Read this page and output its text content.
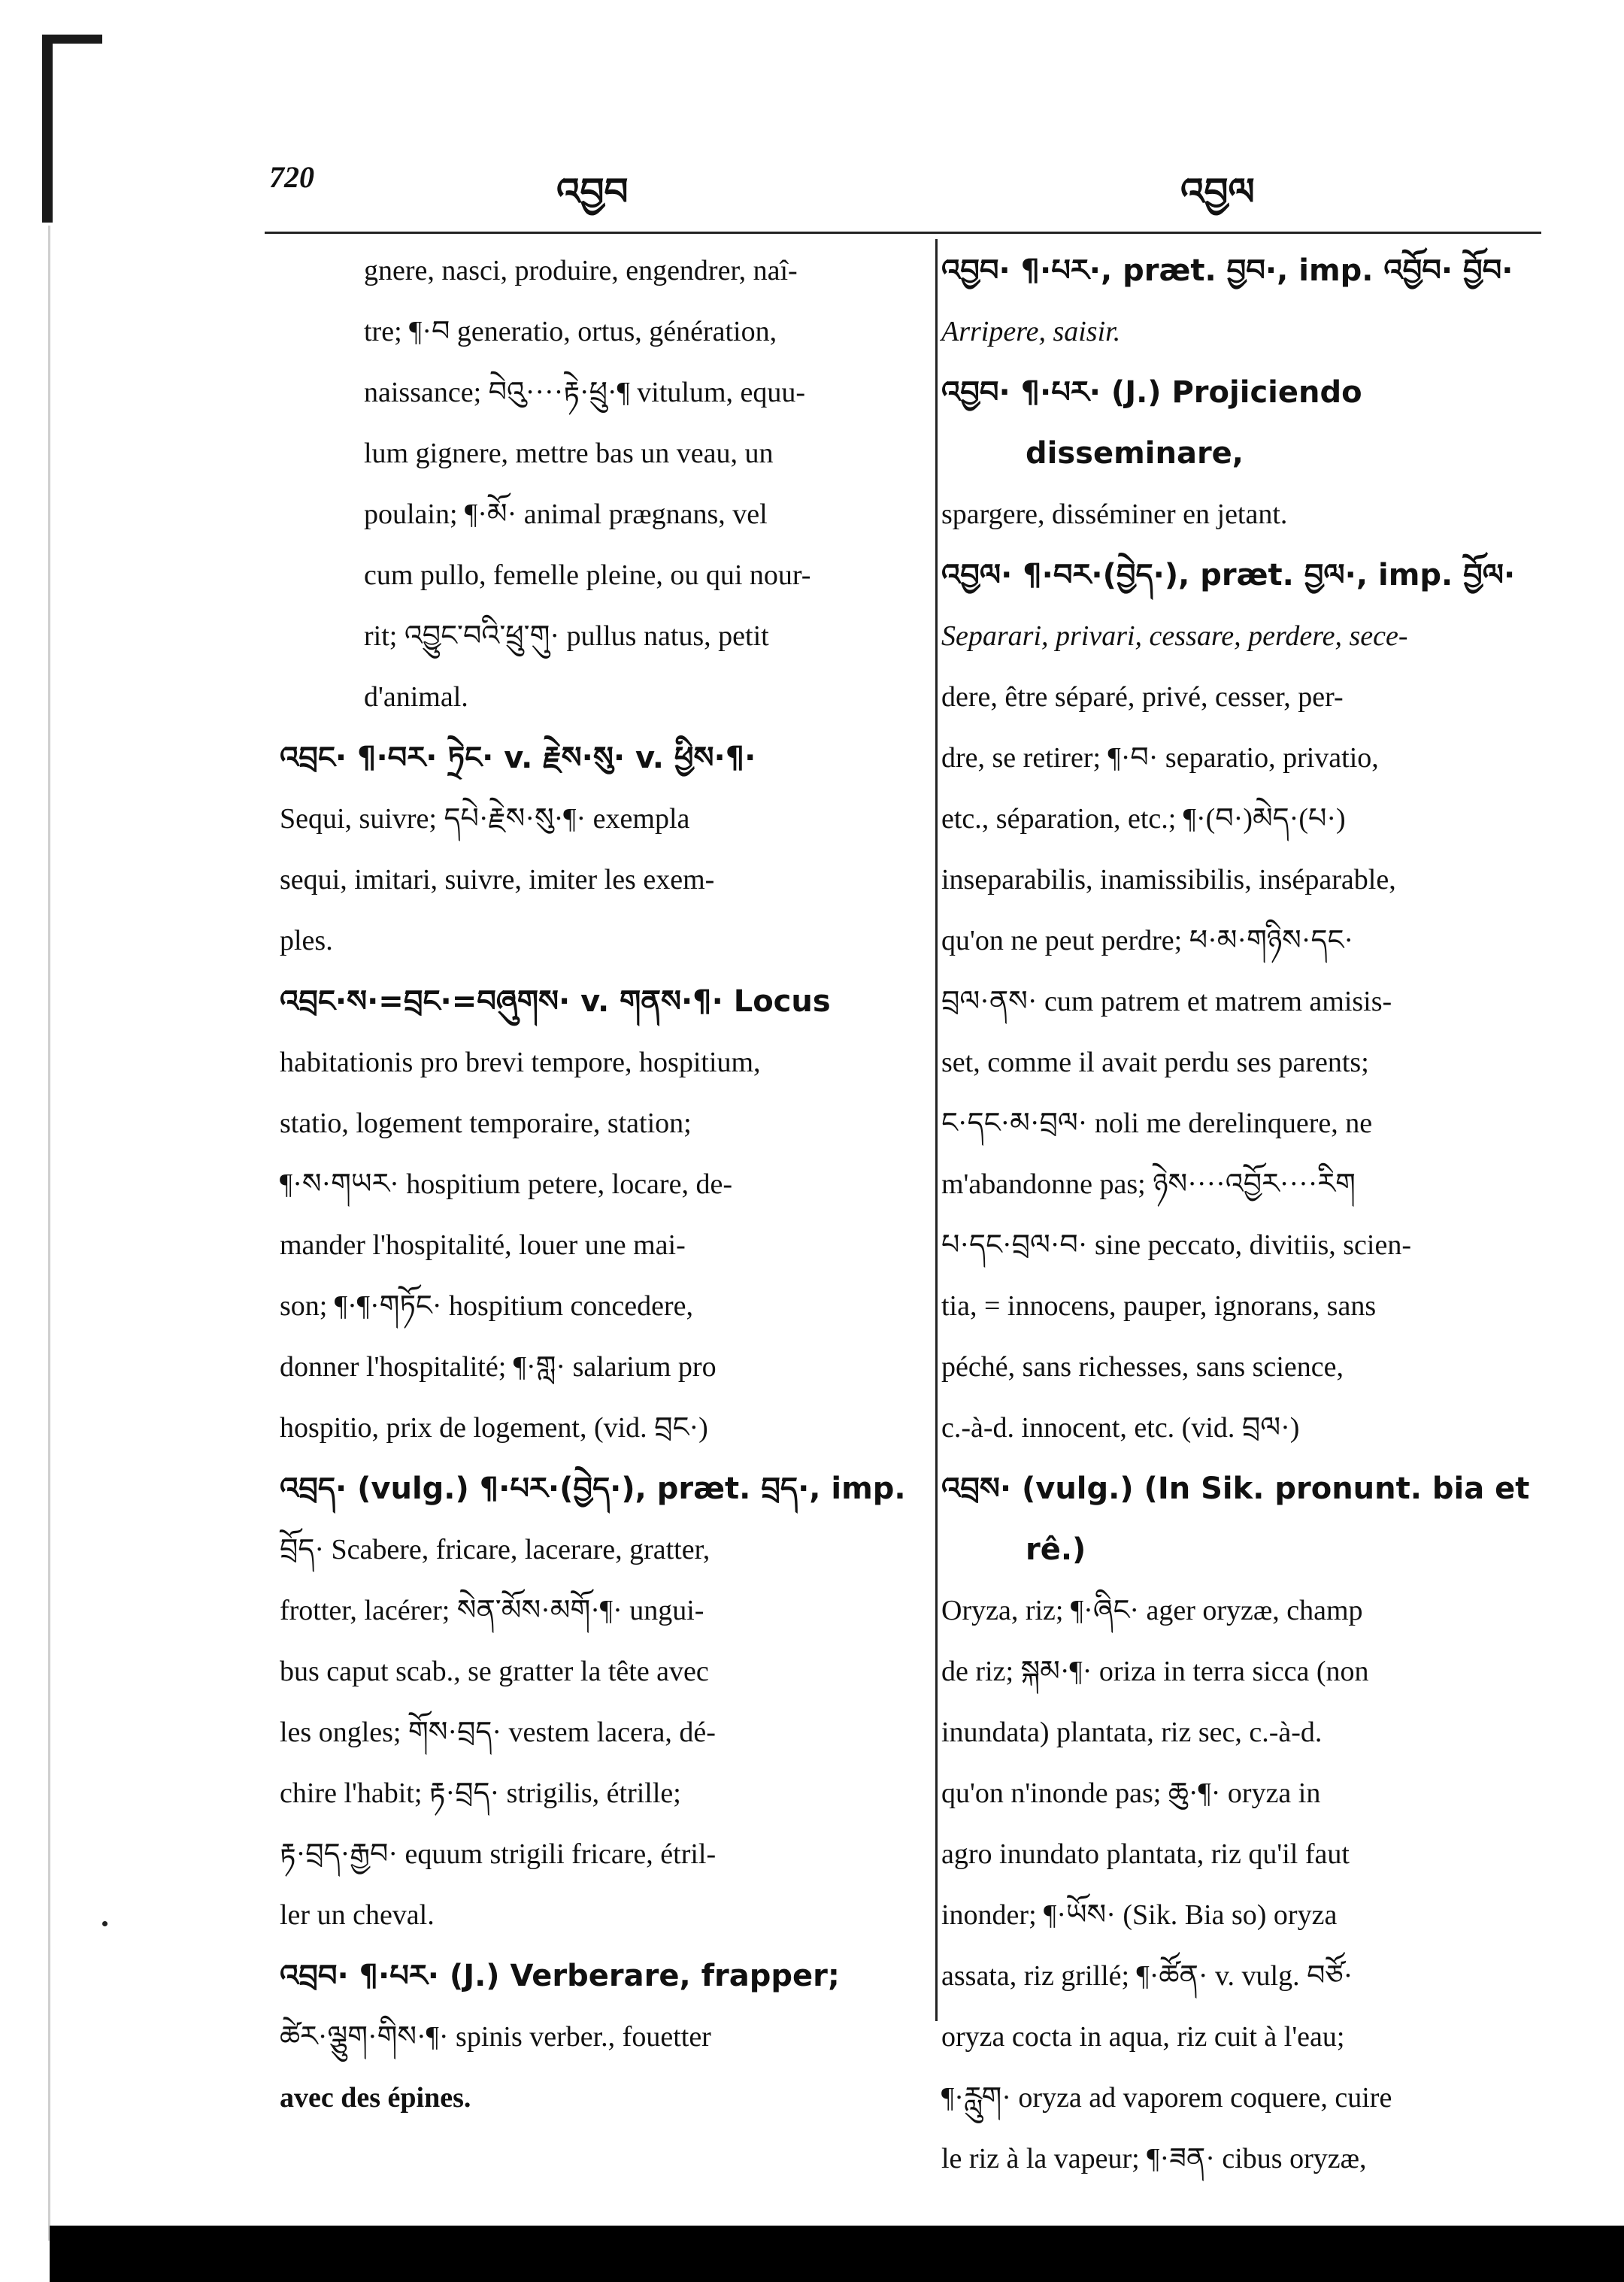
720	འབྱབ	འབྱལ
gnere, nasci, produire, engendrer, naî-
tre; ¶·བ generatio, ortus, génération,
naissance; བེའུ····རྟེ·ཕྲུ·¶ vitulum, equu-
lum gignere, mettre bas un veau, un
poulain; ¶·མོ· animal prægnans, vel
cum pullo, femelle pleine, ou qui nour-
rit; འབྱུང་བའི་ཕྲུ་གུ· pullus natus, petit
d'animal.
འབྲང· ¶·བར· ཏྲེང· v. རྗེས·སུ· v. ཕྱིས·¶·
Sequi, suivre; དཔེ·རྗེས·སུ·¶· exempla
sequi, imitari, suivre, imiter les exem-
ples.
འབྲང·ས·=བྲང·=བཞུགས· v. གནས·¶· Locus
habitationis pro brevi tempore, hospitium,
statio, logement temporaire, station;
¶·ས·གཡར· hospitium petere, locare, de-
mander l'hospitalité, louer une mai-
son; ¶·¶·གཏོང· hospitium concedere,
donner l'hospitalité; ¶·གླ· salarium pro
hospitio, prix de logement, (vid. བྲང·)
འབྲད· (vulg.) ¶·པར·(བྱེད·), præt. བྲད·, imp.
བྲོད· Scabere, fricare, lacerare, gratter,
frotter, lacérer; སེན་མོས·མགོ·¶· ungui-
bus caput scab., se gratter la tête avec
les ongles; གོས·བྲད· vestem lacera, dé-
chire l'habit; རྟ·བྲད· strigilis, étrille;
རྟ·བྲད·རྒྱབ· equum strigili fricare, étril-
ler un cheval.
འབྲབ· ¶·པར· (J.) Verberare, frapper;
ཚེར·ལྕུག·གིས·¶· spinis verber., fouetter
avec des épines.
འབྱབ· ¶·པར·, præt. བྱབ·, imp. འབྱོབ· བྱོབ·
Arripere, saisir.
འབྱབ· ¶·པར· (J.) Projiciendo disseminare,
spargere, disséminer en jetant.
འབྱལ· ¶·བར·(བྱེད·), præt. བྱལ·, imp. བྱོལ·
Separari, privari, cessare, perdere, sece-
dere, être séparé, privé, cesser, per-
dre, se retirer; ¶·བ· separatio, privatio,
etc., séparation, etc.; ¶·(བ·)མེད·(པ·)
inseparabilis, inamissibilis, inséparable,
qu'on ne peut perdre; ཕ·མ·གཉིས·དང·
བྲལ·ནས· cum patrem et matrem amisis-
set, comme il avait perdu ses parents;
ང·དང·མ·བྲལ· noli me derelinquere, ne
m'abandonne pas; ཉེས····འབྱོར····རིག
པ·དང·བྲལ·བ· sine peccato, divitiis, scien-
tia, = innocens, pauper, ignorans, sans
péché, sans richesses, sans science,
c.-à-d. innocent, etc. (vid. བྲལ·)
འབྲས· (vulg.) (In Sik. pronunt. bia et rê.)
Oryza, riz; ¶·ཞིང· ager oryzæ, champ
de riz; སྐམ·¶· oriza in terra sicca (non
inundata) plantata, riz sec, c.-à-d.
qu'on n'inonde pas; ཆུ·¶· oryza in
agro inundato plantata, riz qu'il faut
inonder; ¶·ཡོས· (Sik. Bia so) oryza
assata, riz grillé; ¶·ཚོན· v. vulg. བཙོ·
oryza cocta in aqua, riz cuit à l'eau;
¶·རླུག· oryza ad vaporem coquere, cuire
le riz à la vapeur; ¶·ཟན· cibus oryzæ,
